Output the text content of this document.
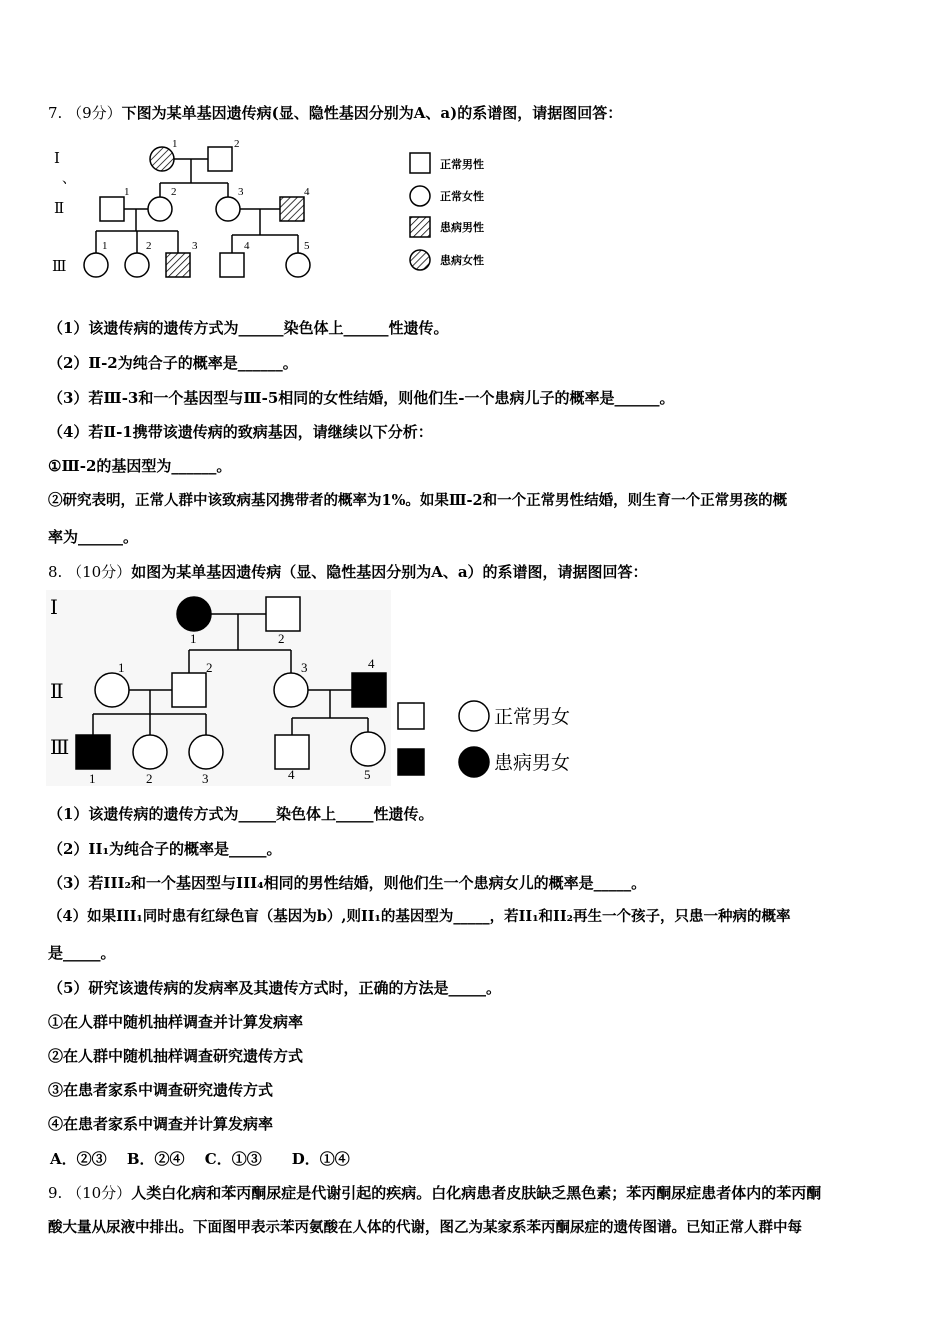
7. （9分）下图为某单基因遗传病(显、隐性基因分别为A、a)的系谱图，请据图回答：
Ⅰ
、
Ⅱ
Ⅲ
1	2
1	2	3	4
1	2	3	4	5
正常男性
正常女性
患病男性
患病女性
（1）该遗传病的遗传方式为______染色体上______性遗传。
（2）Ⅱ-2为纯合子的概率是______。
（3）若Ⅲ-3和一个基因型与Ⅲ-5相同的女性结婚，则他们生-一个患病儿子的概率是______。
（4）若Ⅱ-1携带该遗传病的致病基因，请继续以下分析：
①Ⅲ-2的基因型为______。
②研究表明，正常人群中该致病基冈携带者的概率为1%。如果Ⅲ-2和一个正常男性结婚，则生育一个正常男孩的概
率为______。
8. （10分）如图为某单基因遗传病（显、隐性基因分别为A、a）的系谱图，请据图回答：
Ⅰ
Ⅱ
Ⅲ
1	2
1	2	3	4
1	2	3	4	5
正常男女
患病男女
（1）该遗传病的遗传方式为_____染色体上_____性遗传。
（2）II₁为纯合子的概率是_____。
（3）若III₂和一个基因型与III₄相同的男性结婚，则他们生一个患病女儿的概率是_____。
（4）如果III₁同时患有红绿色盲（基因为b）,则II₁的基因型为_____，若II₁和II₂再生一个孩子，只患一种病的概率
是_____。
（5）研究该遗传病的发病率及其遗传方式时，正确的方法是_____。
①在人群中随机抽样调查并计算发病率
②在人群中随机抽样调查研究遗传方式
③在患者家系中调查研究遗传方式
④在患者家系中调查并计算发病率
A．②③　 B．②④　 C．①③　　D．①④
9. （10分）人类白化病和苯丙酮尿症是代谢引起的疾病。白化病患者皮肤缺乏黑色素；苯丙酮尿症患者体内的苯丙酮
酸大量从尿液中排出。下面图甲表示苯丙氨酸在人体的代谢，图乙为某家系苯丙酮尿症的遗传图谱。已知正常人群中每
